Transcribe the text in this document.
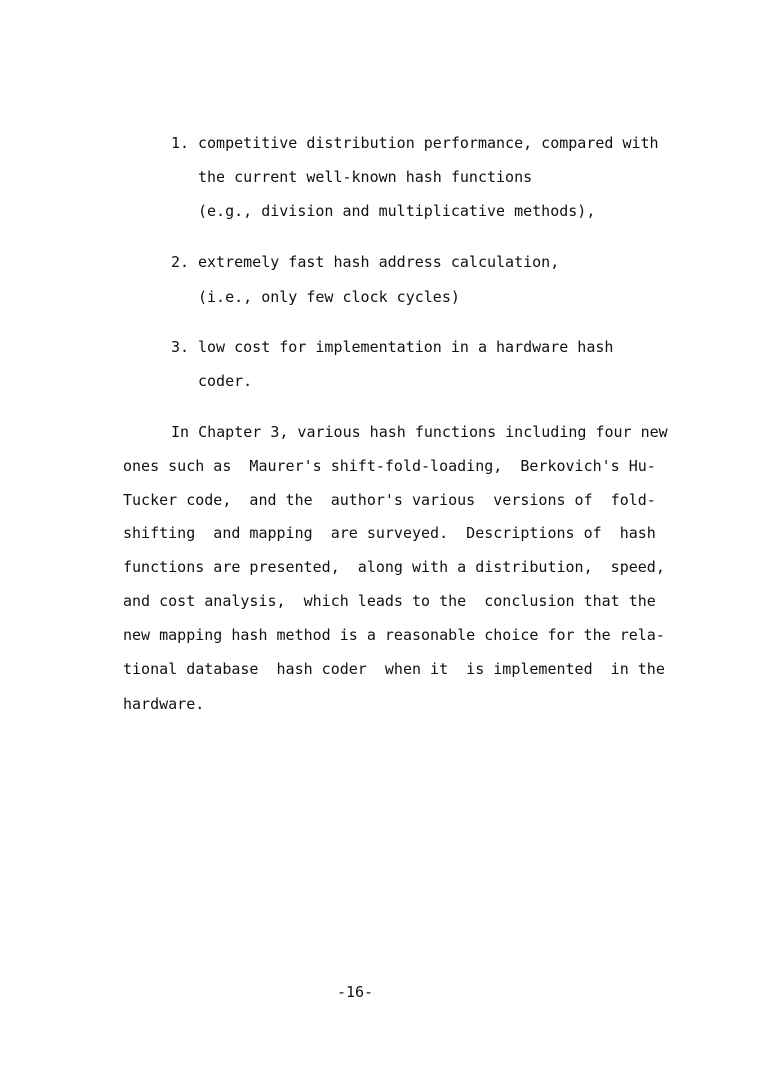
1. competitive distribution performance, compared with
the current well-known hash functions
(e.g., division and multiplicative methods),
2. extremely fast hash address calculation,
(i.e., only few clock cycles)
3. low cost for implementation in a hardware hash
coder.
In Chapter 3, various hash functions including four new
ones such as  Maurer's shift-fold-loading,  Berkovich's Hu-
Tucker code,  and the  author's various  versions of  fold-
shifting  and mapping  are surveyed.  Descriptions of  hash
functions are presented,  along with a distribution,  speed,
and cost analysis,  which leads to the  conclusion that the
new mapping hash method is a reasonable choice for the rela-
tional database  hash coder  when it  is implemented  in the
hardware.
-16-
